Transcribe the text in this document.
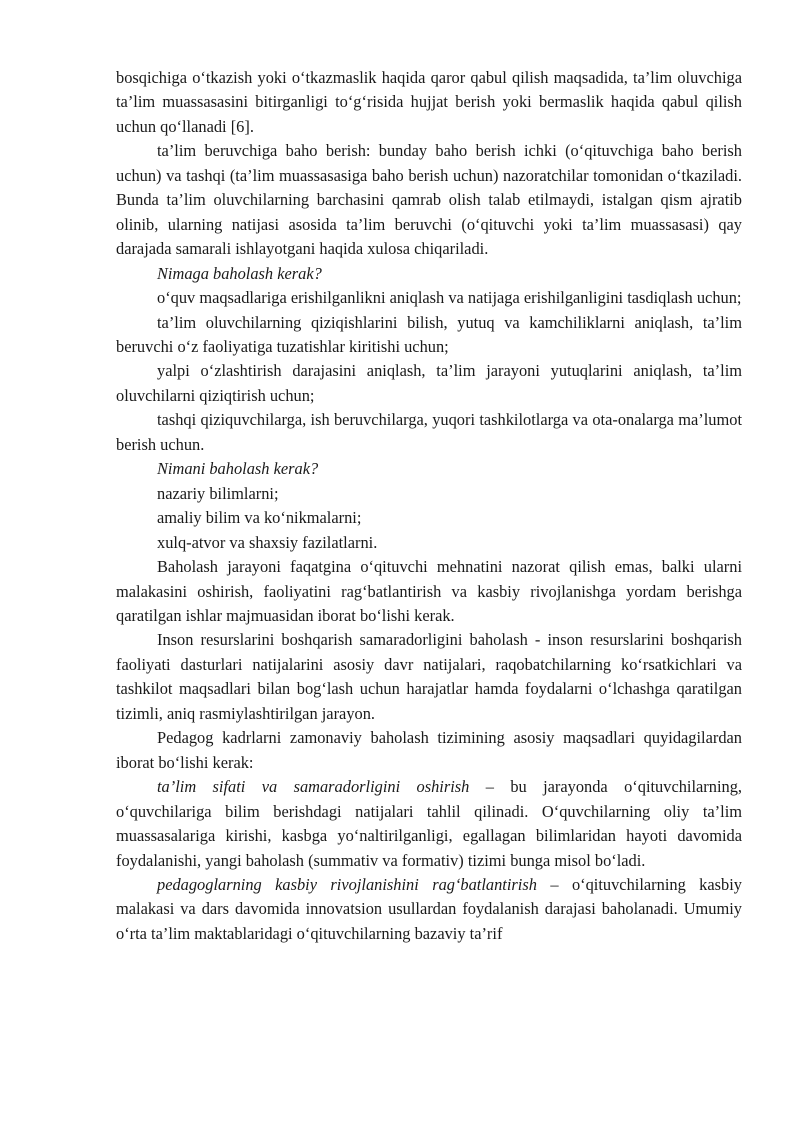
bosqichiga o‘tkazish yoki o‘tkazmaslik haqida qaror qabul qilish maqsadida, ta’lim oluvchiga ta’lim muassasasini bitirganligi to‘g‘risida hujjat berish yoki bermaslik haqida qabul qilish uchun qo‘llanadi [6].

ta’lim beruvchiga baho berish: bunday baho berish ichki (o‘qituvchiga baho berish uchun) va tashqi (ta’lim muassasasiga baho berish uchun) nazoratchilar tomonidan o‘tkaziladi. Bunda ta’lim oluvchilarning barchasini qamrab olish talab etilmaydi, istalgan qism ajratib olinib, ularning natijasi asosida ta’lim beruvchi (o‘qituvchi yoki ta’lim muassasasi) qay darajada samarali ishlayotgani haqida xulosa chiqariladi.

Nimaga baholash kerak?

o‘quv maqsadlariga erishilganlikni aniqlash va natijaga erishilganligini tasdiqlash uchun;

ta’lim oluvchilarning qiziqishlarini bilish, yutuq va kamchiliklarni aniqlash, ta’lim beruvchi o‘z faoliyatiga tuzatishlar kiritishi uchun;

yalpi o‘zlashtirish darajasini aniqlash, ta’lim jarayoni yutuqlarini aniqlash, ta’lim oluvchilarni qiziqtirish uchun;

tashqi qiziquvchilarga, ish beruvchilarga, yuqori tashkilotlarga va ota-onalarga ma’lumot berish uchun.

Nimani baholash kerak?

nazariy bilimlarni;

amaliy bilim va ko‘nikmalarni;

xulq-atvor va shaxsiy fazilatlarni.

Baholash jarayoni faqatgina o‘qituvchi mehnatini nazorat qilish emas, balki ularni malakasini oshirish, faoliyatini rag‘batlantirish va kasbiy rivojlanishga yordam berishga qaratilgan ishlar majmuasidan iborat bo‘lishi kerak.

Inson resurslarini boshqarish samaradorligini baholash - inson resurslarini boshqarish faoliyati dasturlari natijalarini asosiy davr natijalari, raqobatchilarning ko‘rsatkichlari va tashkilot maqsadlari bilan bog‘lash uchun harajatlar hamda foydalarni o‘lchashga qaratilgan tizimli, aniq rasmiylashtirilgan jarayon.

Pedagog kadrlarni zamonaviy baholash tizimining asosiy maqsadlari quyidagilardan iborat bo‘lishi kerak:

ta’lim sifati va samaradorligini oshirish – bu jarayonda o‘qituvchilarning, o‘quvchilariga bilim berishdagi natijalari tahlil qilinadi. O‘quvchilarning oliy ta’lim muassasalariga kirishi, kasbga yo‘naltirilganligi, egallagan bilimlaridan hayoti davomida foydalanishi, yangi baholash (summativ va formativ) tizimi bunga misol bo‘ladi.

pedagoglarning kasbiy rivojlanishini rag‘batlantirish – o‘qituvchilarning kasbiy malakasi va dars davomida innovatsion usullardan foydalanish darajasi baholanadi. Umumiy o‘rta ta’lim maktablaridagi o‘qituvchilarning bazaviy ta’rif
